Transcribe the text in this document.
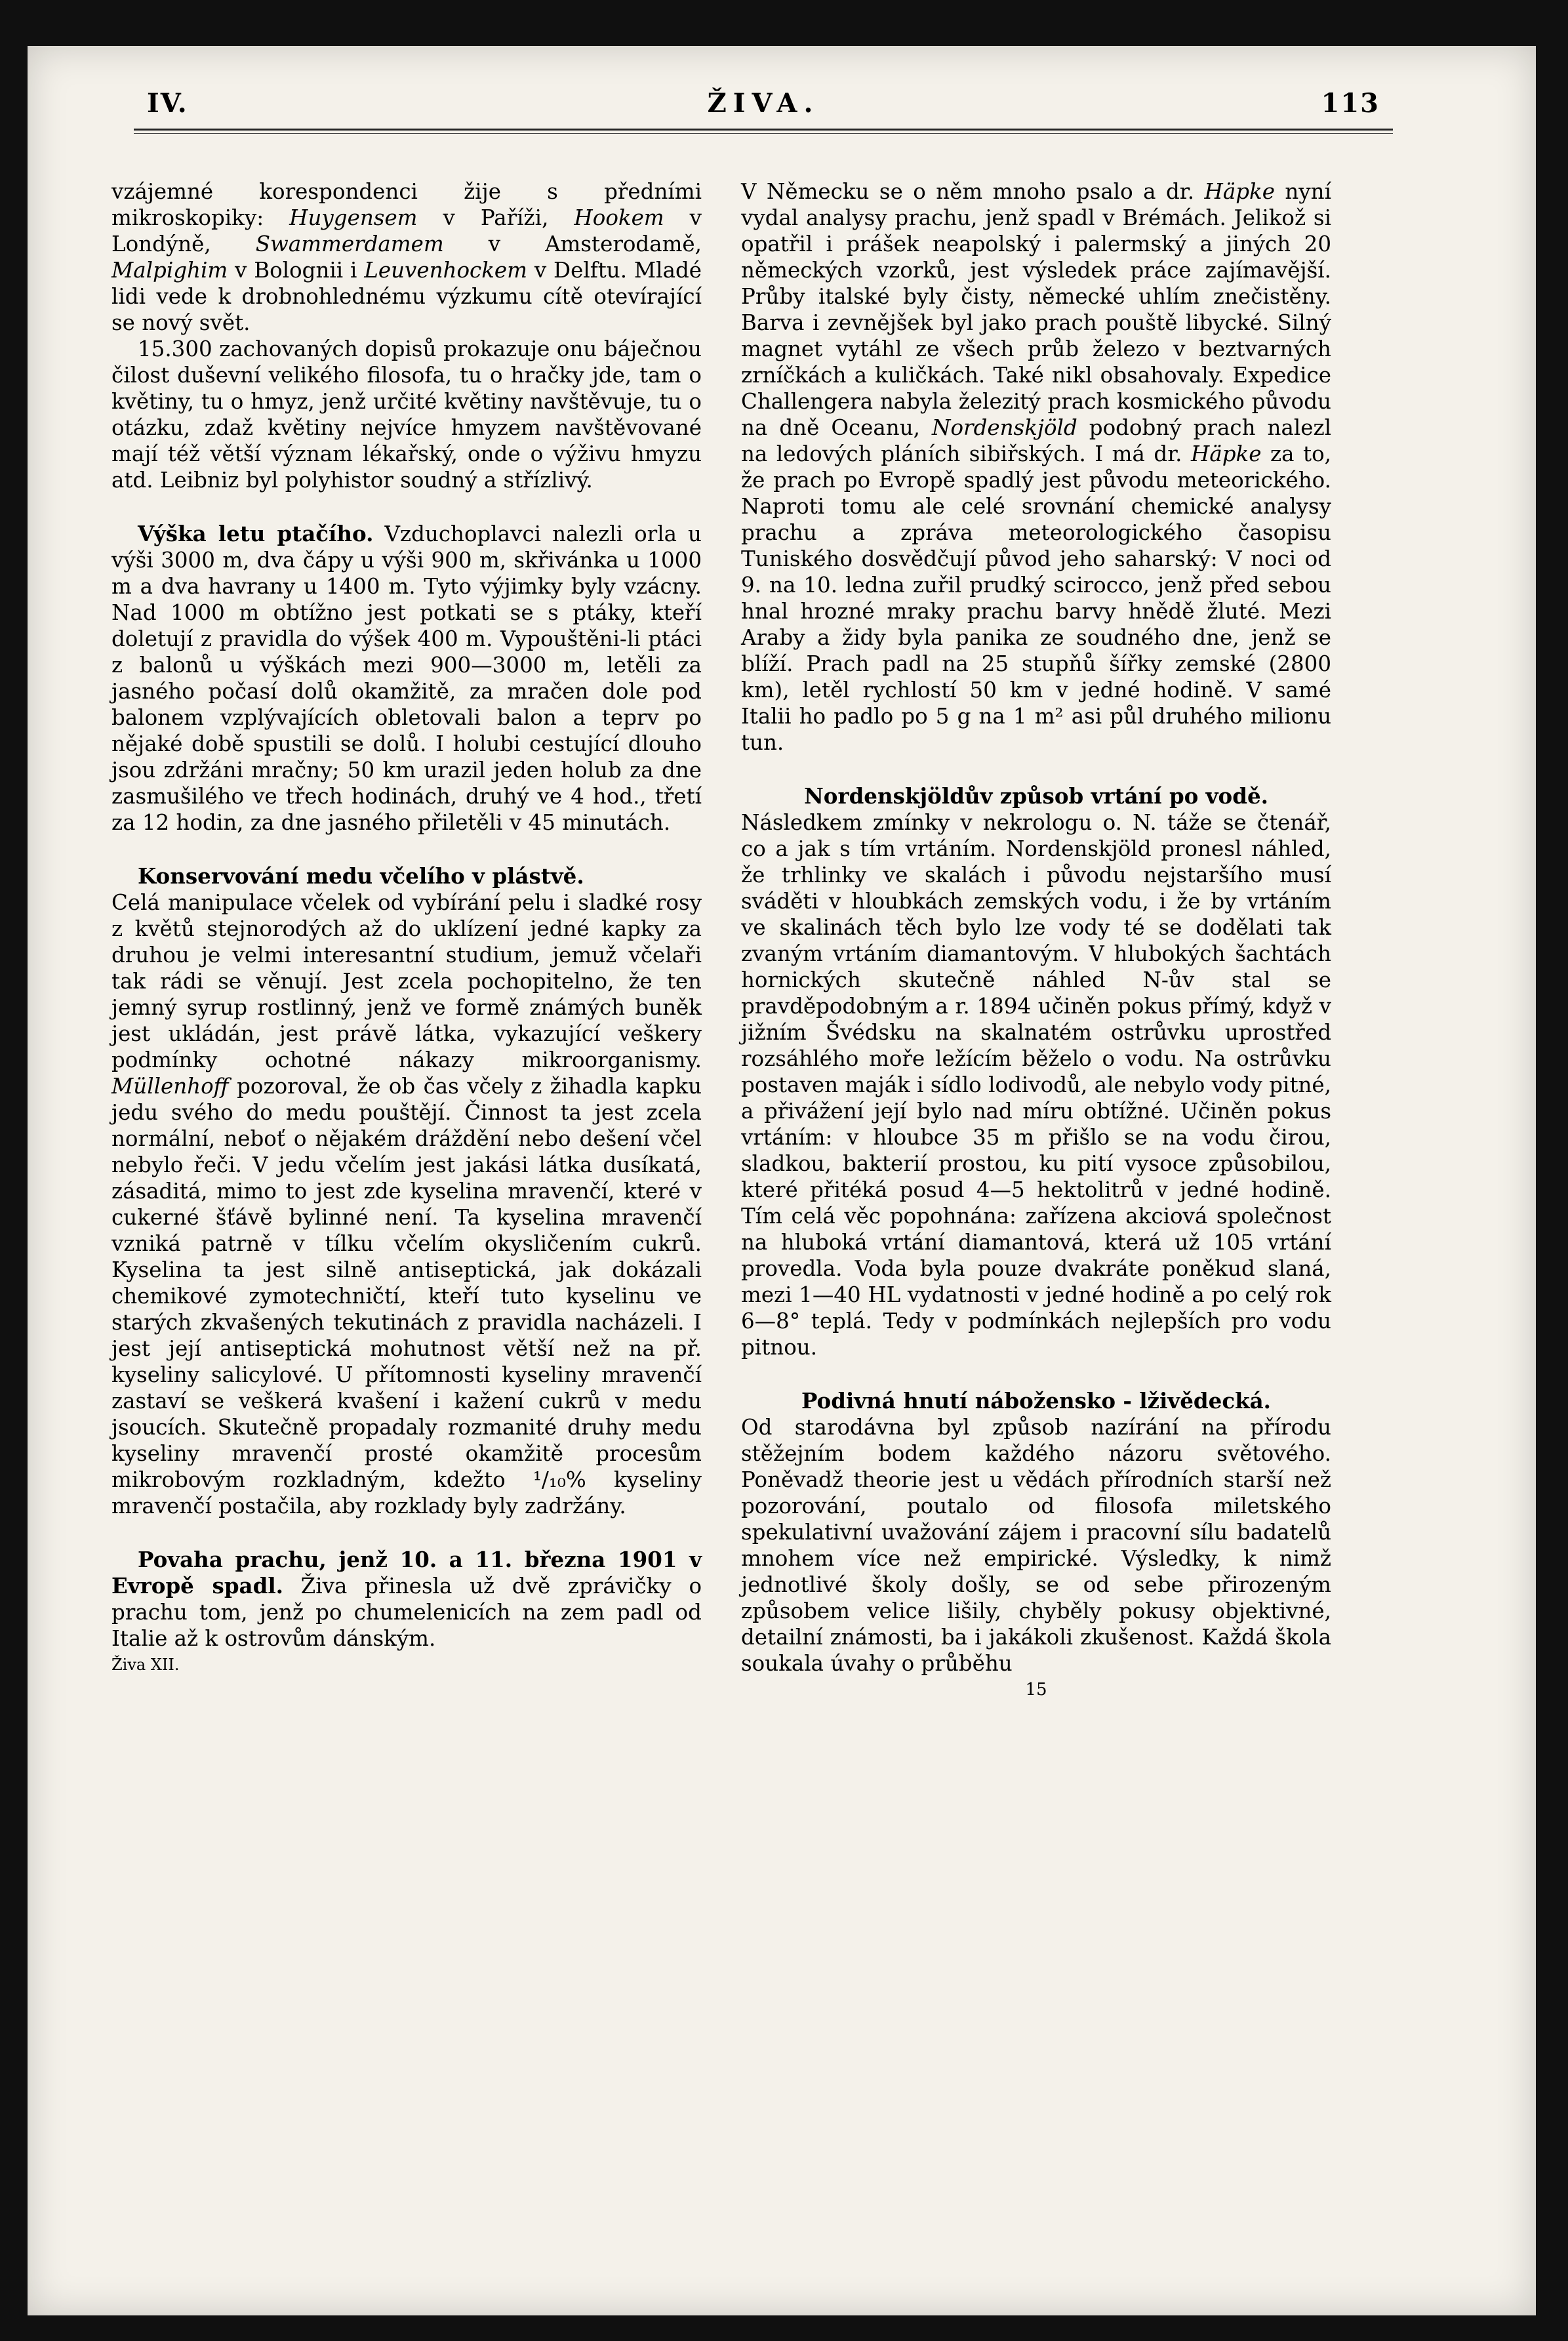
IV.	ŽIVA.	113

vzájemné korespondenci žije s předními mikroskopiky: Huygensem v Paříži, Hookem v Londýně, Swammerdamem v Amsterodamě, Malpighim v Bolognii i Leuvenhockem v Delftu. Mladé lidi vede k drobnohlednému výzkumu cítě otevírající se nový svět.

15.300 zachovaných dopisů prokazuje onu báječnou čilost duševní velikého filosofa, tu o hračky jde, tam o květiny, tu o hmyz, jenž určité květiny navštěvuje, tu o otázku, zdaž květiny nejvíce hmyzem navštěvované mají též větší význam lékařský, onde o výživu hmyzu atd. Leibniz byl polyhistor soudný a střízlivý.

Výška letu ptačího. Vzduchoplavci nalezli orla u výši 3000 m, dva čápy u výši 900 m, skřivánka u 1000 m a dva havrany u 1400 m. Tyto výjimky byly vzácny. Nad 1000 m obtížno jest potkati se s ptáky, kteří doletují z pravidla do výšek 400 m. Vypouštěni-li ptáci z balonů u výškách mezi 900—3000 m, letěli za jasného počasí dolů okamžitě, za mračen dole pod balonem vzplývajících obletovali balon a teprv po nějaké době spustili se dolů. I holubi cestující dlouho jsou zdržáni mračny; 50 km urazil jeden holub za dne zasmušilého ve třech hodinách, druhý ve 4 hod., třetí za 12 hodin, za dne jasného přiletěli v 45 minutách.

Konservování medu včelího v plástvě.

Celá manipulace včelek od vybírání pelu i sladké rosy z květů stejnorodých až do uklízení jedné kapky za druhou je velmi interesantní studium, jemuž včelaři tak rádi se věnují. Jest zcela pochopitelno, že ten jemný syrup rostlinný, jenž ve formě známých buněk jest ukládán, jest právě látka, vykazující veškery podmínky ochotné nákazy mikroorganismy. Müllenhoff pozoroval, že ob čas včely z žihadla kapku jedu svého do medu pouštějí. Činnost ta jest zcela normální, neboť o nějakém dráždění nebo dešení včel nebylo řeči. V jedu včelím jest jakási látka dusíkatá, zásaditá, mimo to jest zde kyselina mravenčí, které v cukerné šťávě bylinné není. Ta kyselina mravenčí vzniká patrně v tílku včelím okysličením cukrů. Kyselina ta jest silně antiseptická, jak dokázali chemikové zymotechničtí, kteří tuto kyselinu ve starých zkvašených tekutinách z pravidla nacházeli. I jest její antiseptická mohutnost větší než na př. kyseliny salicylové. U přítomnosti kyseliny mravenčí zastaví se veškerá kvašení i kažení cukrů v medu jsoucích. Skutečně propadaly rozmanité druhy medu kyseliny mravenčí prosté okamžitě procesům mikrobovým rozkladným, kdežto ¹/₁₀% kyseliny mravenčí postačila, aby rozklady byly zadržány.

Povaha prachu, jenž 10. a 11. března 1901 v Evropě spadl. Živa přinesla už dvě zprávičky o prachu tom, jenž po chumelenicích na zem padl od Italie až k ostrovům dánským.

Živa XII.

V Německu se o něm mnoho psalo a dr. Häpke nyní vydal analysy prachu, jenž spadl v Brémách. Jelikož si opatřil i prášek neapolský i palermský a jiných 20 německých vzorků, jest výsledek práce zajímavější. Průby italské byly čisty, německé uhlím znečistěny. Barva i zevnějšek byl jako prach pouště libycké. Silný magnet vytáhl ze všech průb železo v beztvarných zrníčkách a kuličkách. Také nikl obsahovaly. Expedice Challengera nabyla železitý prach kosmického původu na dně Oceanu, Nordenskjöld podobný prach nalezl na ledových pláních sibiřských. I má dr. Häpke za to, že prach po Evropě spadlý jest původu meteorického. Naproti tomu ale celé srovnání chemické analysy prachu a zpráva meteorologického časopisu Tuniského dosvědčují původ jeho saharský: V noci od 9. na 10. ledna zuřil prudký scirocco, jenž před sebou hnal hrozné mraky prachu barvy hnědě žluté. Mezi Araby a židy byla panika ze soudného dne, jenž se blíží. Prach padl na 25 stupňů šířky zemské (2800 km), letěl rychlostí 50 km v jedné hodině. V samé Italii ho padlo po 5 g na 1 m² asi půl druhého milionu tun.

Nordenskjöldův způsob vrtání po vodě.

Následkem zmínky v nekrologu o. N. táže se čtenář, co a jak s tím vrtáním. Nordenskjöld pronesl náhled, že trhlinky ve skalách i původu nejstaršího musí sváděti v hloubkách zemských vodu, i že by vrtáním ve skalinách těch bylo lze vody té se dodělati tak zvaným vrtáním diamantovým. V hlubokých šachtách hornických skutečně náhled N-ův stal se pravděpodobným a r. 1894 učiněn pokus přímý, když v jižním Švédsku na skalnatém ostrůvku uprostřed rozsáhlého moře ležícím běželo o vodu. Na ostrůvku postaven maják i sídlo lodivodů, ale nebylo vody pitné, a přivážení její bylo nad míru obtížné. Učiněn pokus vrtáním: v hloubce 35 m přišlo se na vodu čirou, sladkou, bakterií prostou, ku pití vysoce způsobilou, které přitéká posud 4—5 hektolitrů v jedné hodině. Tím celá věc popohnána: zařízena akciová společnost na hluboká vrtání diamantová, která už 105 vrtání provedla. Voda byla pouze dvakráte poněkud slaná, mezi 1—40 HL vydatnosti v jedné hodině a po celý rok 6—8° teplá. Tedy v podmínkách nejlepších pro vodu pitnou.

Podivná hnutí nábožensko - lživědecká.

Od starodávna byl způsob nazírání na přírodu stěžejním bodem každého názoru světového. Poněvadž theorie jest u vědách přírodních starší než pozorování, poutalo od filosofa miletského spekulativní uvažování zájem i pracovní sílu badatelů mnohem více než empirické. Výsledky, k nimž jednotlivé školy došly, se od sebe přirozeným způsobem velice lišily, chyběly pokusy objektivné, detailní známosti, ba i jakákoli zkušenost. Každá škola soukala úvahy o průběhu

15
